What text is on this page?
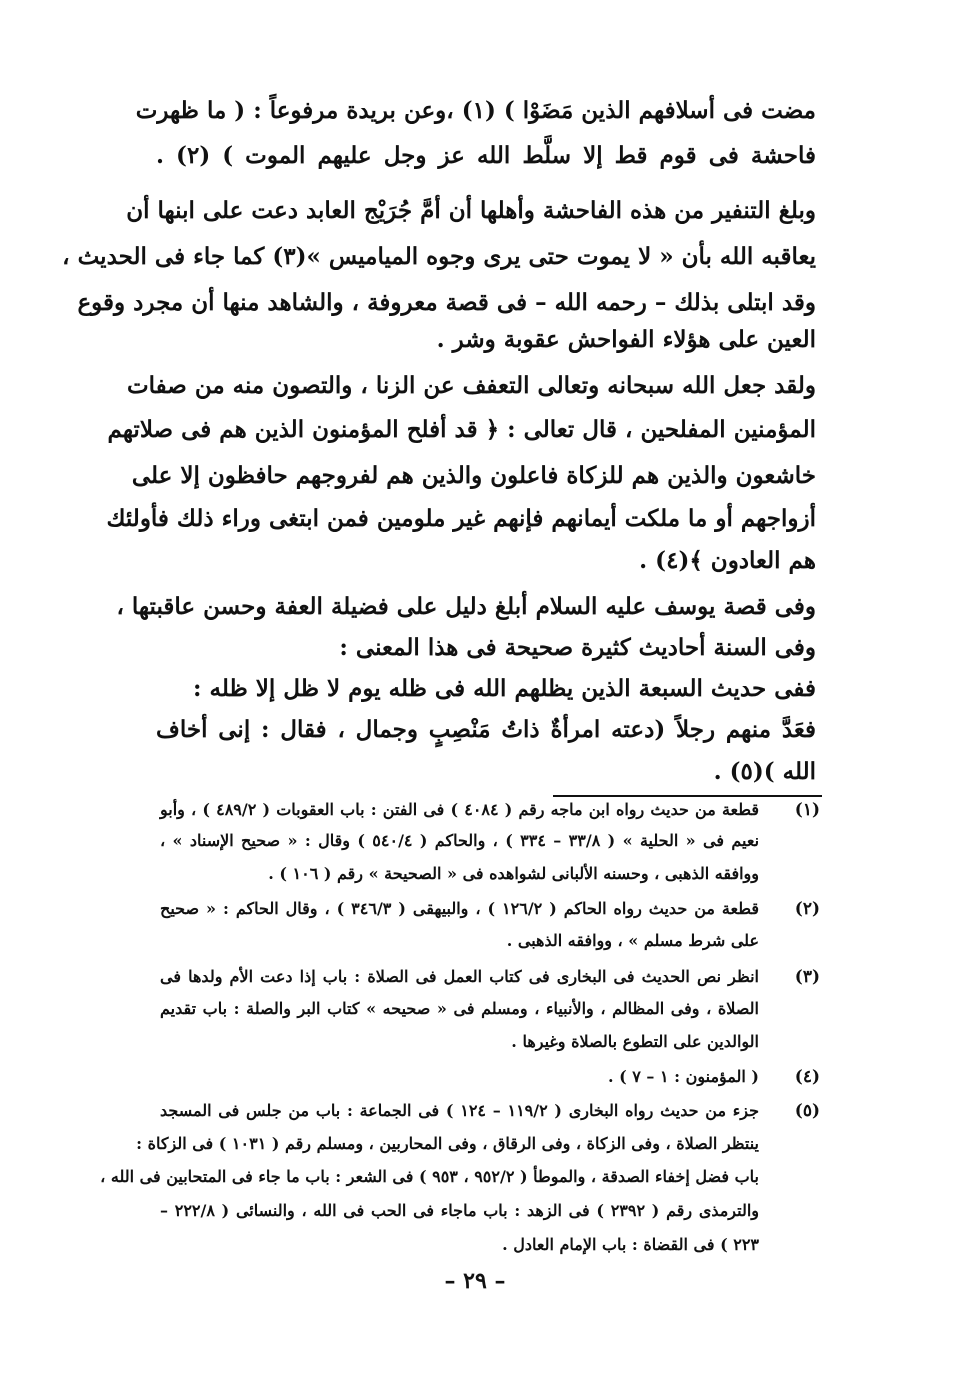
مضت فى أسلافهم الذين مَضَوْا ) (١) ،وعن بريدة مرفوعاً : ( ما ظهرت
فاحشة فى قوم قط إلا سلَّط الله عز وجل عليهم الموت ) (٢) .
وبلغ التنفير من هذه الفاحشة وأهلها أن أمَّ جُرَيْج العابد دعت على ابنها أن
يعاقبه الله بأن « لا يموت حتى يرى وجوه المياميس »(٣) كما جاء فى الحديث ،
وقد ابتلى بذلك – رحمه الله – فى قصة معروفة ، والشاهد منها أن مجرد وقوع
العين على هؤلاء الفواحش عقوبة وشر .
ولقد جعل الله سبحانه وتعالى التعفف عن الزنا ، والتصون منه من صفات
المؤمنين المفلحين ، قال تعالى : ﴿ قد أفلح المؤمنون الذين هم فى صلاتهم
خاشعون والذين هم للزكاة فاعلون والذين هم لفروجهم حافظون إلا على
أزواجهم أو ما ملكت أيمانهم فإنهم غير ملومين فمن ابتغى وراء ذلك فأولئك
هم العادون ﴾(٤) .
وفى قصة يوسف عليه السلام أبلغ دليل على فضيلة العفة وحسن عاقبتها ،
وفى السنة أحاديث كثيرة صحيحة فى هذا المعنى :
ففى حديث السبعة الذين يظلهم الله فى ظله يوم لا ظل إلا ظله :
فعَدَّ منهم رجلاً (دعته امرأةٌ ذاتُ مَنْصِبٍ وجمال ، فقال : إنى أخاف
الله )(٥) .
(١)
قطعة من حديث رواه ابن ماجه رقم ( ٤٠٨٤ ) فى الفتن : باب العقوبات ( ٤٨٩/٢ ) ، وأبو
نعيم فى « الحلية » ( ٣٣/٨ – ٣٣٤ ) ، والحاكم ( ٥٤٠/٤ ) وقال : « صحيح الإسناد » ،
ووافقه الذهبى ، وحسنه الألبانى لشواهده فى « الصحيحة » رقم ( ١٠٦ ) .
(٢)
قطعة من حديث رواه الحاكم ( ١٢٦/٢ ) ، والبيهقى ( ٣٤٦/٣ ) ، وقال الحاكم : « صحيح
على شرط مسلم » ، ووافقه الذهبى .
(٣)
انظر نص الحديث فى البخارى فى كتاب العمل فى الصلاة : باب إذا دعت الأم ولدها فى
الصلاة ، وفى المظالم ، والأنبياء ، ومسلم فى « صحيحه » كتاب البر والصلة : باب تقديم
الوالدين على التطوع بالصلاة وغيرها .
(٤)
( المؤمنون : ١ – ٧ ) .
(٥)
جزء من حديث رواه البخارى ( ١١٩/٢ – ١٢٤ ) فى الجماعة : باب من جلس فى المسجد
ينتظر الصلاة ، وفى الزكاة ، وفى الرقاق ، وفى المحاربين ، ومسلم رقم ( ١٠٣١ ) فى الزكاة :
باب فضل إخفاء الصدقة ، والموطأ ( ٩٥٢/٢ ، ٩٥٣ ) فى الشعر : باب ما جاء فى المتحابين فى الله ،
والترمذى رقم ( ٢٣٩٢ ) فى الزهد : باب ماجاء فى الحب فى الله ، والنسائى ( ٢٢٢/٨ –
٢٢٣ ) فى القضاة : باب الإمام العادل .
– ٢٩ –
